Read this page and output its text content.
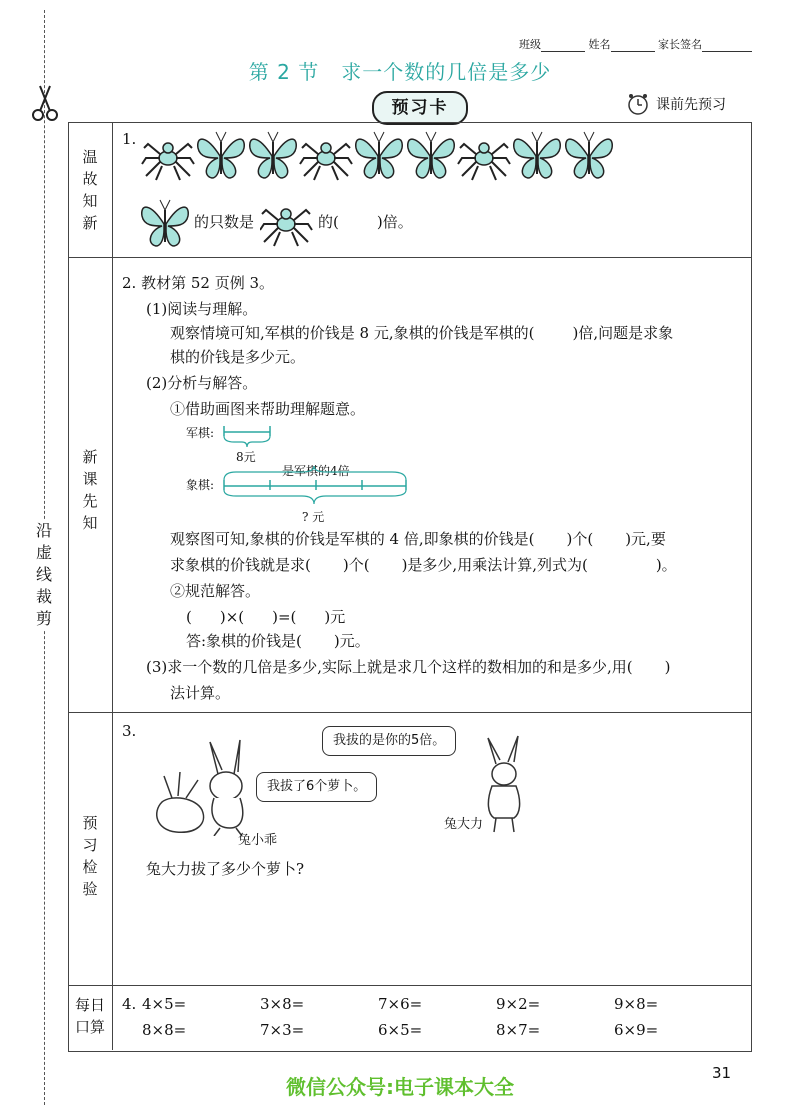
沿
虚
线
裁
剪
班级	姓名	家长签名
第 2 节 求一个数的几倍是多少
预习卡	课前先预习
温
故
知
新
新
课
先
知
预
习
检
验
每日
口算
1.
的只数是	的(	)倍。
2. 教材第 52 页例 3。
(1)阅读与理解。
观察情境可知,军棋的价钱是 8 元,象棋的价钱是军棋的(	)倍,问题是求象
棋的价钱是多少元。
(2)分析与解答。
①借助画图来帮助理解题意。
军棋:
8元
象棋:
是军棋的4倍
? 元
观察图可知,象棋的价钱是军棋的 4 倍,即象棋的价钱是( )个( )元,要
求象棋的价钱就是求( )个( )是多少,用乘法计算,列式为(	)。
②规范解答。
( )×( )=( )元
答:象棋的价钱是( )元。
(3)求一个数的几倍是多少,实际上就是求几个这样的数相加的和是多少,用( )
法计算。
3.
我拔的是你的5倍。
我拔了6个萝卜。
兔小乖
兔大力
兔大力拔了多少个萝卜?
4. 4×5=	3×8=	7×6=	9×2=	9×8=
8×8=	7×3=	6×5=	8×7=	6×9=
微信公众号:电子课本大全
31
